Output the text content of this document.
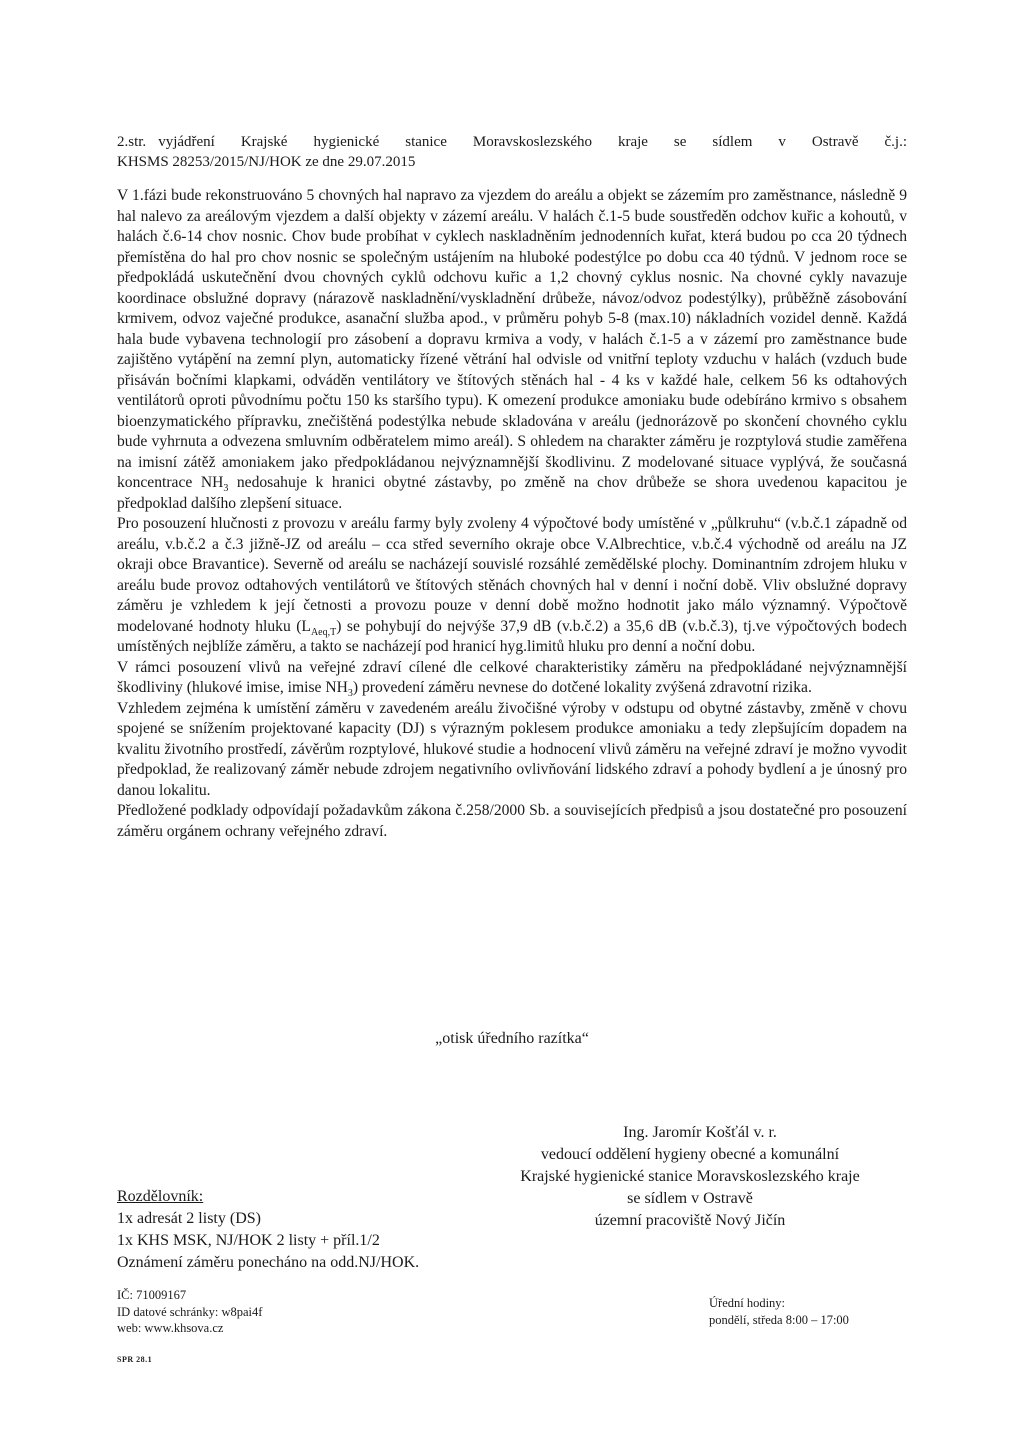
2.str. vyjádření Krajské hygienické stanice Moravskoslezského kraje se sídlem v Ostravě č.j.:
KHSMS 28253/2015/NJ/HOK ze dne 29.07.2015

V 1.fázi bude rekonstruováno 5 chovných hal napravo za vjezdem do areálu a objekt se zázemím pro zaměstnance, následně 9 hal nalevo za areálovým vjezdem a další objekty v zázemí areálu. V halách č.1-5 bude soustředěn odchov kuřic a kohoutů, v halách č.6-14 chov nosnic. Chov bude probíhat v cyklech naskladněním jednodenních kuřat, která budou po cca 20 týdnech přemístěna do hal pro chov nosnic se společným ustájením na hluboké podestýlce po dobu cca 40 týdnů. V jednom roce se předpokládá uskutečnění dvou chovných cyklů odchovu kuřic a 1,2 chovný cyklus nosnic. Na chovné cykly navazuje koordinace obslužné dopravy (nárazově naskladnění/vyskladnění drůbeže, návoz/odvoz podestýlky), průběžně zásobování krmivem, odvoz vaječné produkce, asanační služba apod., v průměru pohyb 5-8 (max.10) nákladních vozidel denně. Každá hala bude vybavena technologií pro zásobení a dopravu krmiva a vody, v halách č.1-5 a v zázemí pro zaměstnance bude zajištěno vytápění na zemní plyn, automaticky řízené větrání hal odvisle od vnitřní teploty vzduchu v halách (vzduch bude přisáván bočními klapkami, odváděn ventilátory ve štítových stěnách hal - 4 ks v každé hale, celkem 56 ks odtahových ventilátorů oproti původnímu počtu 150 ks staršího typu). K omezení produkce amoniaku bude odebíráno krmivo s obsahem bioenzymatického přípravku, znečištěná podestýlka nebude skladována v areálu (jednorázově po skončení chovného cyklu bude vyhrnuta a odvezena smluvním odběratelem mimo areál). S ohledem na charakter záměru je rozptylová studie zaměřena na imisní zátěž amoniakem jako předpokládanou nejvýznamnější škodlivinu. Z modelované situace vyplývá, že současná koncentrace $NH_3$ nedosahuje k hranici obytné zástavby, po změně na chov drůbeže se shora uvedenou kapacitou je předpoklad dalšího zlepšení situace.

Pro posouzení hlučnosti z provozu v areálu farmy byly zvoleny 4 výpočtové body umístěné v „půlkruhu“ (v.b.č.1 západně od areálu, v.b.č.2 a č.3 jižně-JZ od areálu – cca střed severního okraje obce V.Albrechtice, v.b.č.4 východně od areálu na JZ okraji obce Bravantice). Severně od areálu se nacházejí souvislé rozsáhlé zemědělské plochy. Dominantním zdrojem hluku v areálu bude provoz odtahových ventilátorů ve štítových stěnách chovných hal v denní i noční době. Vliv obslužné dopravy záměru je vzhledem k její četnosti a provozu pouze v denní době možno hodnotit jako málo významný. Výpočtově modelované hodnoty hluku $(L_{Aeq,T})$ se pohybují do nejvýše 37,9 dB (v.b.č.2) a 35,6 dB (v.b.č.3), tj.ve výpočtových bodech umístěných nejblíže záměru, a takto se nacházejí pod hranicí hyg.limitů hluku pro denní a noční dobu.

V rámci posouzení vlivů na veřejné zdraví cílené dle celkové charakteristiky záměru na předpokládané nejvýznamnější škodliviny (hlukové imise, imise $NH_3$) provedení záměru nevnese do dotčené lokality zvýšená zdravotní rizika.

Vzhledem zejména k umístění záměru v zavedeném areálu živočišné výroby v odstupu od obytné zástavby, změně v chovu spojené se snížením projektované kapacity (DJ) s výrazným poklesem produkce amoniaku a tedy zlepšujícím dopadem na kvalitu životního prostředí, závěrům rozptylové, hlukové studie a hodnocení vlivů záměru na veřejné zdraví je možno vyvodit předpoklad, že realizovaný záměr nebude zdrojem negativního ovlivňování lidského zdraví a pohody bydlení a je únosný pro danou lokalitu.

Předložené podklady odpovídají požadavkům zákona č.258/2000 Sb. a souvisejících předpisů a jsou dostatečné pro posouzení záměru orgánem ochrany veřejného zdraví.

„otisk úředního razítka“
Ing. Jaromír Košťál v. r.
vedoucí oddělení hygieny obecné a komunální
Krajské hygienické stanice Moravskoslezského kraje
se sídlem v Ostravě
územní pracoviště Nový Jičín
Rozdělovník:
1x adresát 2 listy (DS)
1x KHS MSK, NJ/HOK 2 listy + příl.1/2
Oznámení záměru ponecháno na odd.NJ/HOK.
IČ: 71009167
ID datové schránky: w8pai4f
web: www.khsova.cz
Úřední hodiny:
pondělí, středa 8:00 – 17:00
SPR 28.1
